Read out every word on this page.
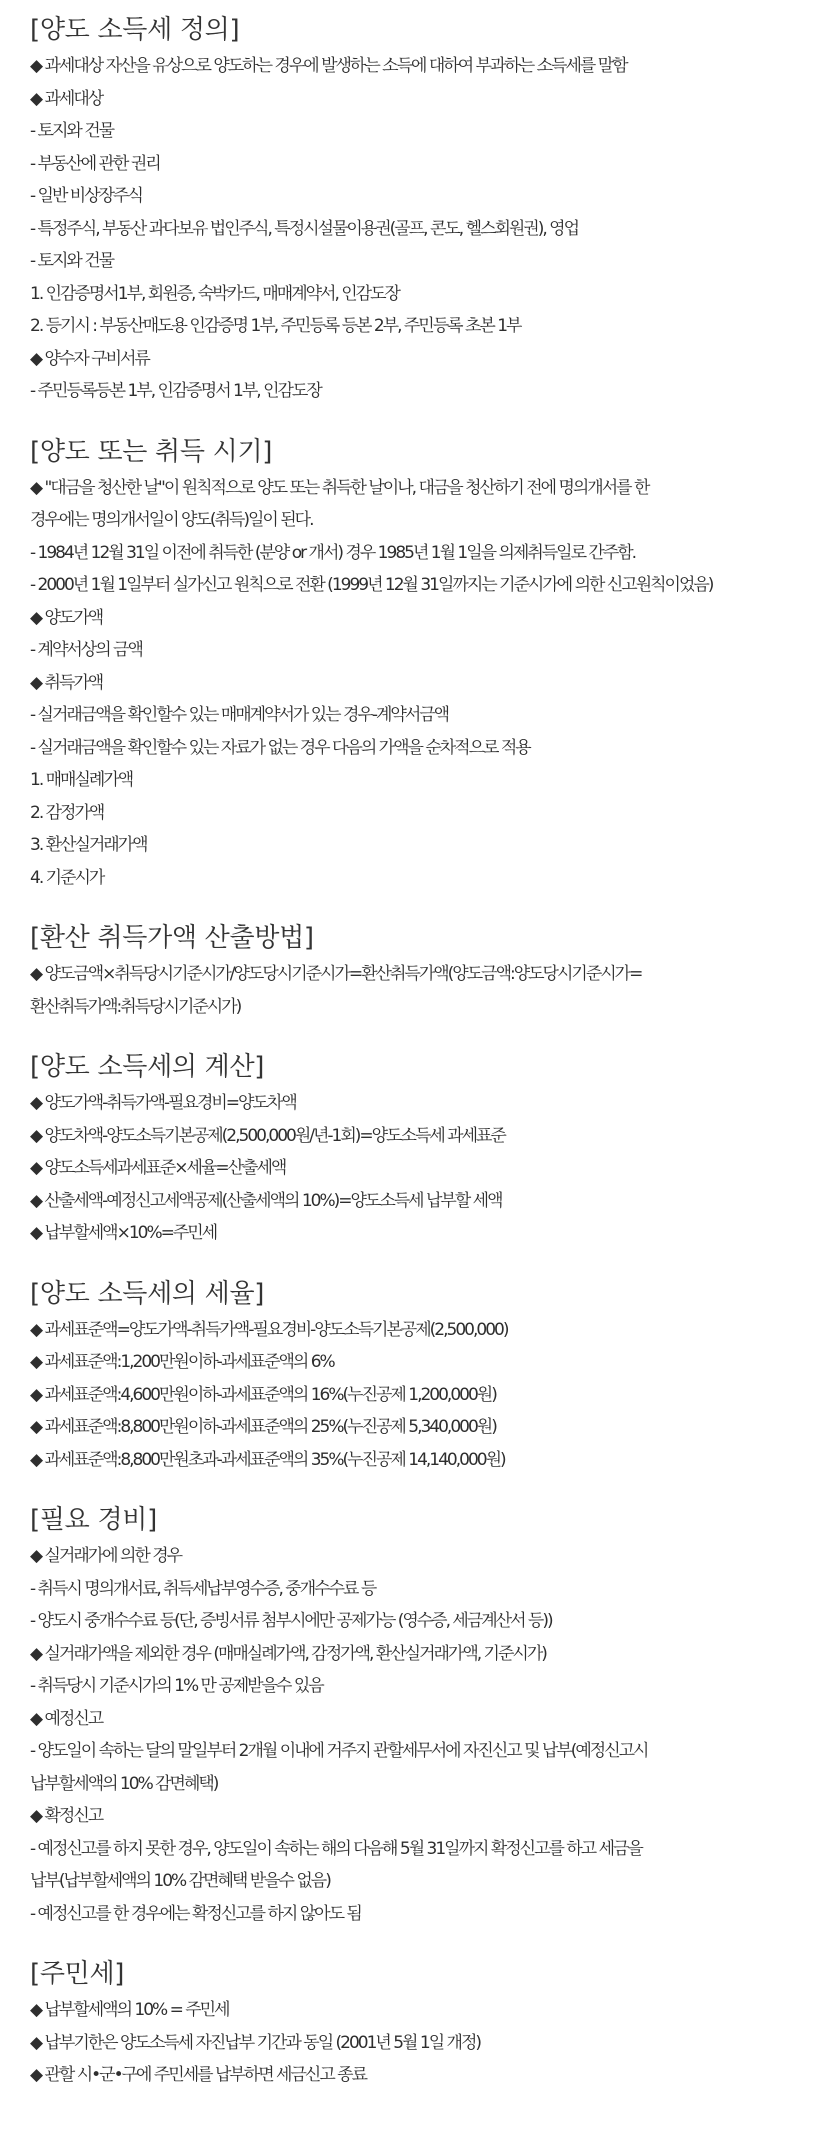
[양도 소득세 정의]
◆ 과세대상 자산을 유상으로 양도하는 경우에 발생하는 소득에 대하여 부과하는 소득세를 말함
◆ 과세대상
- 토지와 건물
- 부동산에 관한 권리
- 일반 비상장주식
- 특정주식, 부동산 과다보유 법인주식, 특정시설물이용권(골프, 콘도, 헬스회원권), 영업
- 토지와 건물
1. 인감증명서1부, 회원증, 숙박카드, 매매계약서, 인감도장
2. 등기시 : 부동산매도용 인감증명 1부, 주민등록 등본 2부, 주민등록 초본 1부
◆ 양수자 구비서류
- 주민등록등본 1부, 인감증명서 1부, 인감도장
[양도 또는 취득 시기]
◆ "대금을 청산한 날"이 원칙적으로 양도 또는 취득한 날이나, 대금을 청산하기 전에 명의개서를 한
경우에는 명의개서일이 양도(취득)일이 된다.
- 1984년 12월 31일 이전에 취득한 (분양 or 개서) 경우 1985년 1월 1일을 의제취득일로 간주함.
- 2000년 1월 1일부터 실가신고 원칙으로 전환 (1999년 12월 31일까지는 기준시가에 의한 신고원칙이었음)
◆ 양도가액
- 계약서상의 금액
◆ 취득가액
- 실거래금액을 확인할수 있는 매매계약서가 있는 경우-계약서금액
- 실거래금액을 확인할수 있는 자료가 없는 경우 다음의 가액을 순차적으로 적용
1. 매매실례가액
2. 감정가액
3. 환산실거래가액
4. 기준시가
[환산 취득가액 산출방법]
◆ 양도금액×취득당시기준시가/양도당시기준시가=환산취득가액(양도금액:양도당시기준시가=
환산취득가액:취득당시기준시가)
[양도 소득세의 계산]
◆ 양도가액-취득가액-필요경비=양도차액
◆ 양도차액-양도소득기본공제(2,500,000원/년-1회)=양도소득세 과세표준
◆ 양도소득세과세표준×세율=산출세액
◆ 산출세액-예정신고세액공제(산출세액의 10%)=양도소득세 납부할 세액
◆ 납부할세액×10%=주민세
[양도 소득세의 세율]
◆ 과세표준액=양도가액-취득가액-필요경비-양도소득기본공제(2,500,000)
◆ 과세표준액:1,200만원이하-과세표준액의 6%
◆ 과세표준액:4,600만원이하-과세표준액의 16%(누진공제 1,200,000원)
◆ 과세표준액:8,800만원이하-과세표준액의 25%(누진공제 5,340,000원)
◆ 과세표준액:8,800만원초과-과세표준액의 35%(누진공제 14,140,000원)
[필요 경비]
◆ 실거래가에 의한 경우
- 취득시 명의개서료, 취득세납부영수증, 중개수수료 등
- 양도시 중개수수료 등(단, 증빙서류 첨부시에만 공제가능 (영수증, 세금계산서 등))
◆ 실거래가액을 제외한 경우 (매매실례가액, 감정가액, 환산실거래가액, 기준시가)
- 취득당시 기준시가의 1% 만 공제받을수 있음
◆ 예정신고
- 양도일이 속하는 달의 말일부터 2개월 이내에 거주지 관할세무서에 자진신고 및 납부(예정신고시
납부할세액의 10% 감면혜택)
◆ 확정신고
- 예정신고를 하지 못한 경우, 양도일이 속하는 해의 다음해 5월 31일까지 확정신고를 하고 세금을
납부(납부할세액의 10% 감면혜택 받을수 없음)
- 예정신고를 한 경우에는 확정신고를 하지 않아도 됨
[주민세]
◆ 납부할세액의 10% = 주민세
◆ 납부기한은 양도소득세 자진납부 기간과 동일 (2001년 5월 1일 개정)
◆ 관할 시•군•구에 주민세를 납부하면 세금신고 종료
